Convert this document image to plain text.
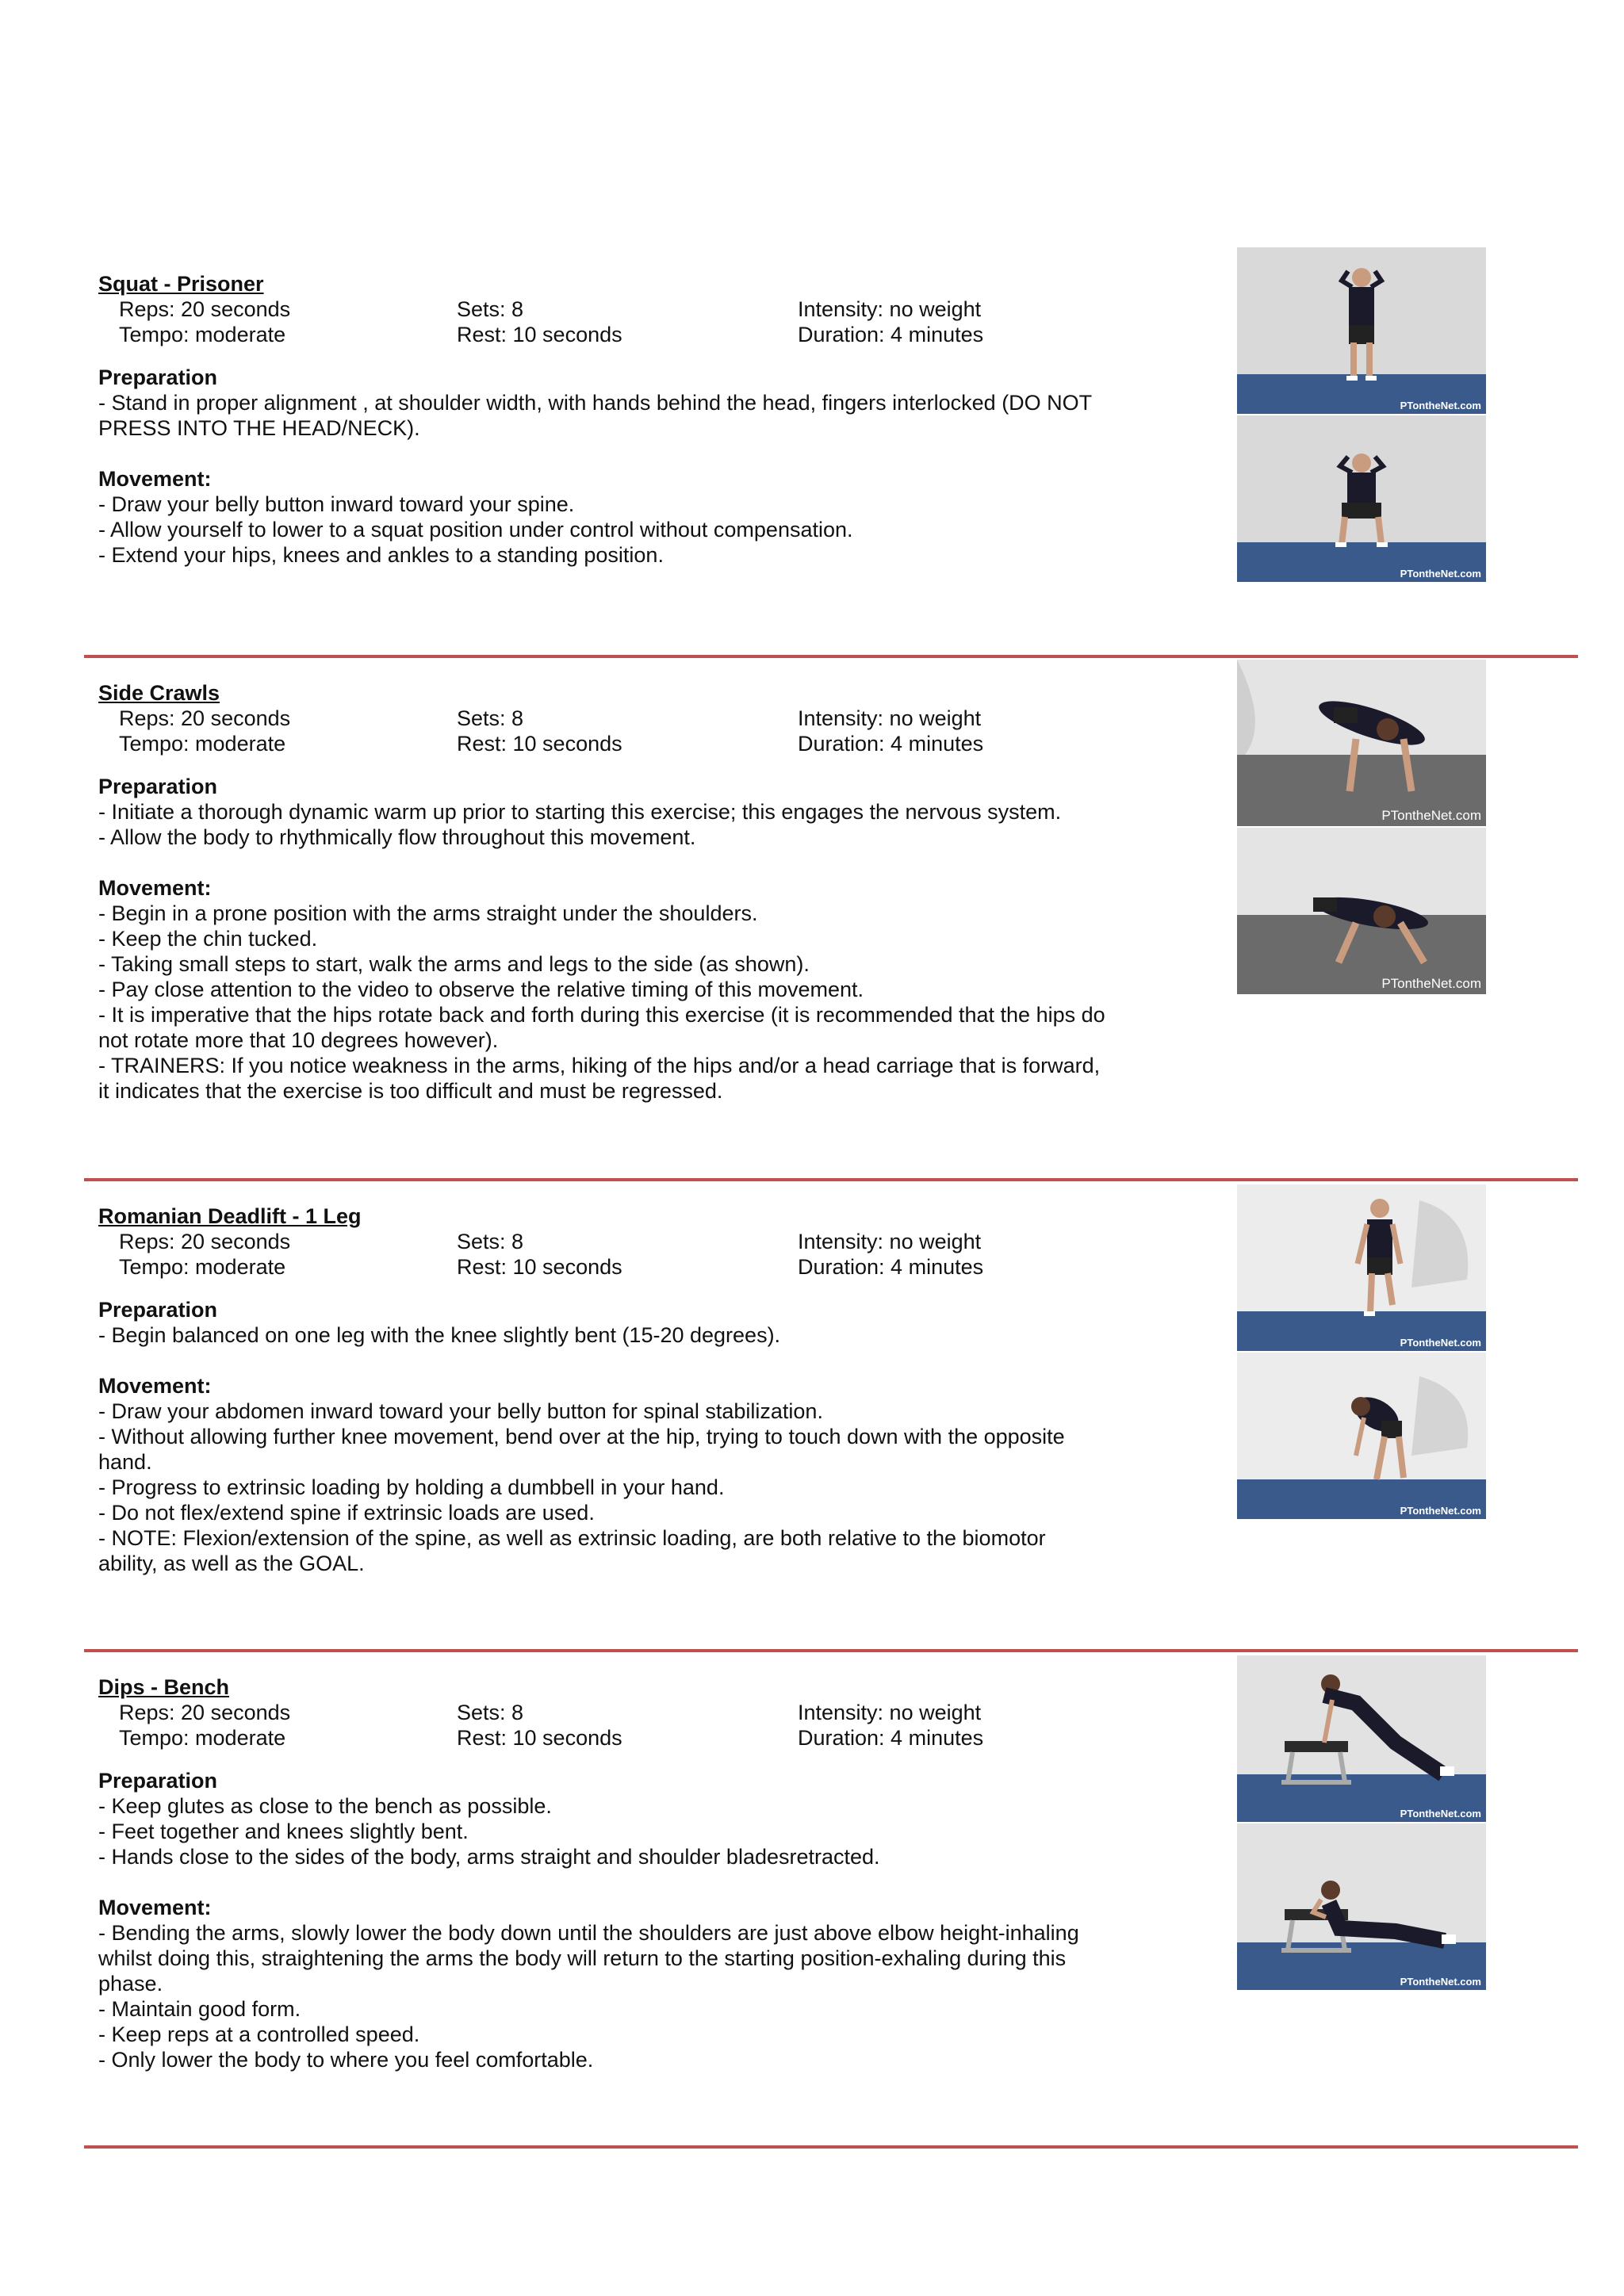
Squat - Prisoner
Reps: 20 seconds	Sets: 8	Intensity: no weight
Tempo: moderate	Rest: 10 seconds	Duration: 4 minutes
Preparation
- Stand in proper alignment , at shoulder width, with hands behind the head, fingers interlocked (DO NOT
PRESS INTO THE HEAD/NECK).
Movement:
- Draw your belly button inward toward your spine.
- Allow yourself to lower to a squat position under control without compensation.
- Extend your hips, knees and ankles to a standing position.
PTontheNet.com
PTontheNet.com
Side Crawls
Reps: 20 seconds	Sets: 8	Intensity: no weight
Tempo: moderate	Rest: 10 seconds	Duration: 4 minutes
Preparation
- Initiate a thorough dynamic warm up prior to starting this exercise; this engages the nervous system.
- Allow the body to rhythmically flow throughout this movement.
Movement:
- Begin in a prone position with the arms straight under the shoulders.
- Keep the chin tucked.
- Taking small steps to start, walk the arms and legs to the side (as shown).
- Pay close attention to the video to observe the relative timing of this movement.
- It is imperative that the hips rotate back and forth during this exercise (it is recommended that the hips do
not rotate more that 10 degrees however).
- TRAINERS: If you notice weakness in the arms, hiking of the hips and/or a head carriage that is forward,
it indicates that the exercise is too difficult and must be regressed.
PTontheNet.com
PTontheNet.com
Romanian Deadlift - 1 Leg
Reps: 20 seconds	Sets: 8	Intensity: no weight
Tempo: moderate	Rest: 10 seconds	Duration: 4 minutes
Preparation
- Begin balanced on one leg with the knee slightly bent (15-20 degrees).
Movement:
- Draw your abdomen inward toward your belly button for spinal stabilization.
- Without allowing further knee movement, bend over at the hip, trying to touch down with the opposite
hand.
- Progress to extrinsic loading by holding a dumbbell in your hand.
- Do not flex/extend spine if extrinsic loads are used.
- NOTE: Flexion/extension of the spine, as well as extrinsic loading, are both relative to the biomotor
ability, as well as the GOAL.
PTontheNet.com
PTontheNet.com
Dips - Bench
Reps: 20 seconds	Sets: 8	Intensity: no weight
Tempo: moderate	Rest: 10 seconds	Duration: 4 minutes
Preparation
- Keep glutes as close to the bench as possible.
- Feet together and knees slightly bent.
- Hands close to the sides of the body, arms straight and shoulder bladesretracted.
Movement:
- Bending the arms, slowly lower the body down until the shoulders are just above elbow height-inhaling
whilst doing this, straightening the arms the body will return to the starting position-exhaling during this
phase.
- Maintain good form.
- Keep reps at a controlled speed.
- Only lower the body to where you feel comfortable.
PTontheNet.com
PTontheNet.com
